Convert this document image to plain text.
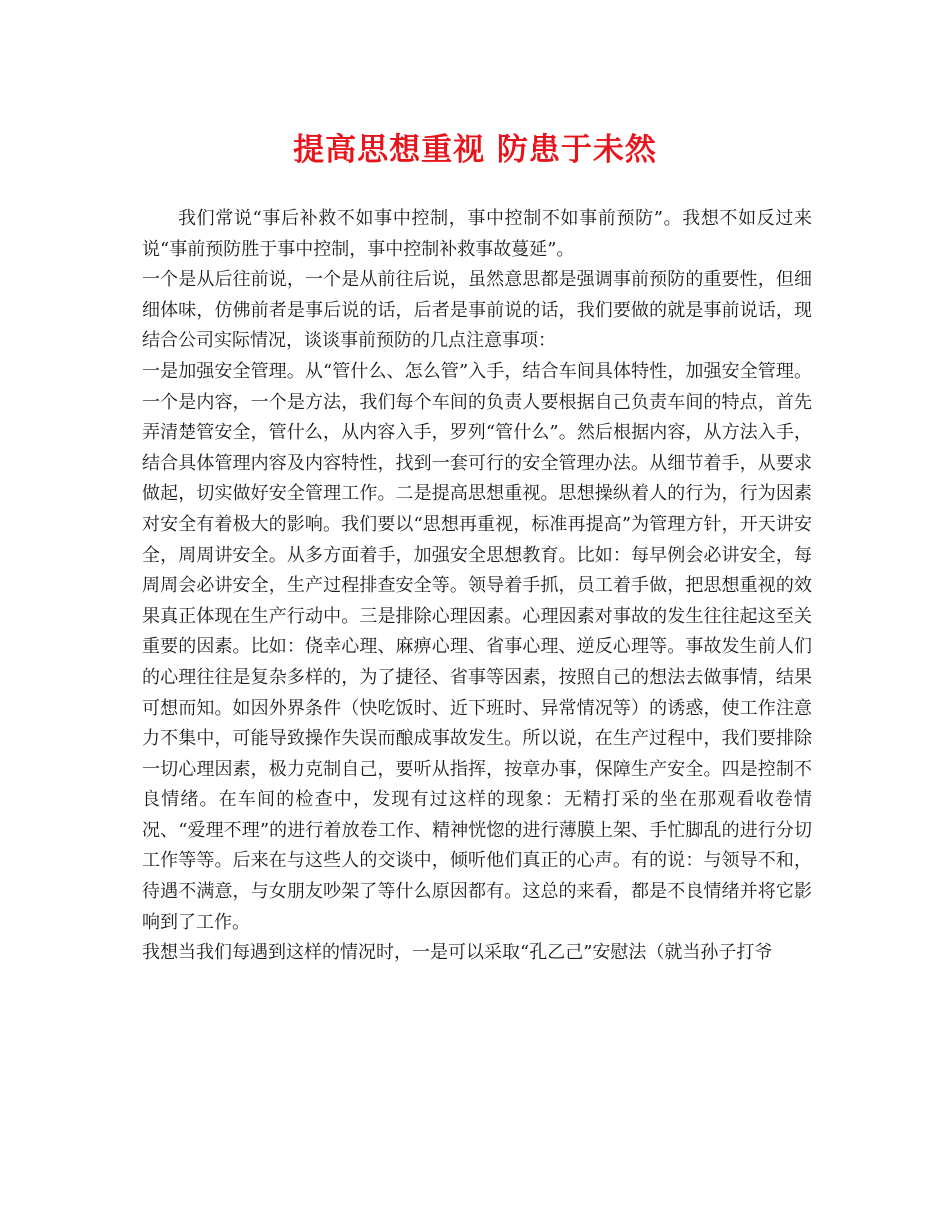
提高思想重视 防患于未然

我们常说“事后补救不如事中控制，事中控制不如事前预防”。我想不如反过来说“事前预防胜于事中控制，事中控制补救事故蔓延”。

一个是从后往前说，一个是从前往后说，虽然意思都是强调事前预防的重要性，但细细体味，仿佛前者是事后说的话，后者是事前说的话，我们要做的就是事前说话，现结合公司实际情况，谈谈事前预防的几点注意事项：

一是加强安全管理。从“管什么、怎么管”入手，结合车间具体特性，加强安全管理。一个是内容，一个是方法，我们每个车间的负责人要根据自己负责车间的特点，首先弄清楚管安全，管什么，从内容入手，罗列“管什么”。然后根据内容，从方法入手，结合具体管理内容及内容特性，找到一套可行的安全管理办法。从细节着手，从要求做起，切实做好安全管理工作。二是提高思想重视。思想操纵着人的行为，行为因素对安全有着极大的影响。我们要以“思想再重视，标准再提高”为管理方针，开天讲安全，周周讲安全。从多方面着手，加强安全思想教育。比如：每早例会必讲安全，每周周会必讲安全，生产过程排查安全等。领导着手抓，员工着手做，把思想重视的效果真正体现在生产行动中。三是排除心理因素。心理因素对事故的发生往往起这至关重要的因素。比如：侥幸心理、麻痹心理、省事心理、逆反心理等。事故发生前人们的心理往往是复杂多样的，为了捷径、省事等因素，按照自己的想法去做事情，结果可想而知。如因外界条件（快吃饭时、近下班时、异常情况等）的诱惑，使工作注意力不集中，可能导致操作失误而酿成事故发生。所以说，在生产过程中，我们要排除一切心理因素，极力克制自己，要听从指挥，按章办事，保障生产安全。四是控制不良情绪。在车间的检查中，发现有过这样的现象：无精打采的坐在那观看收卷情况、“爱理不理”的进行着放卷工作、精神恍惚的进行薄膜上架、手忙脚乱的进行分切工作等等。后来在与这些人的交谈中，倾听他们真正的心声。有的说：与领导不和，待遇不满意，与女朋友吵架了等什么原因都有。这总的来看，都是不良情绪并将它影响到了工作。

我想当我们每遇到这样的情况时，一是可以采取“孔乙己”安慰法（就当孙子打爷
